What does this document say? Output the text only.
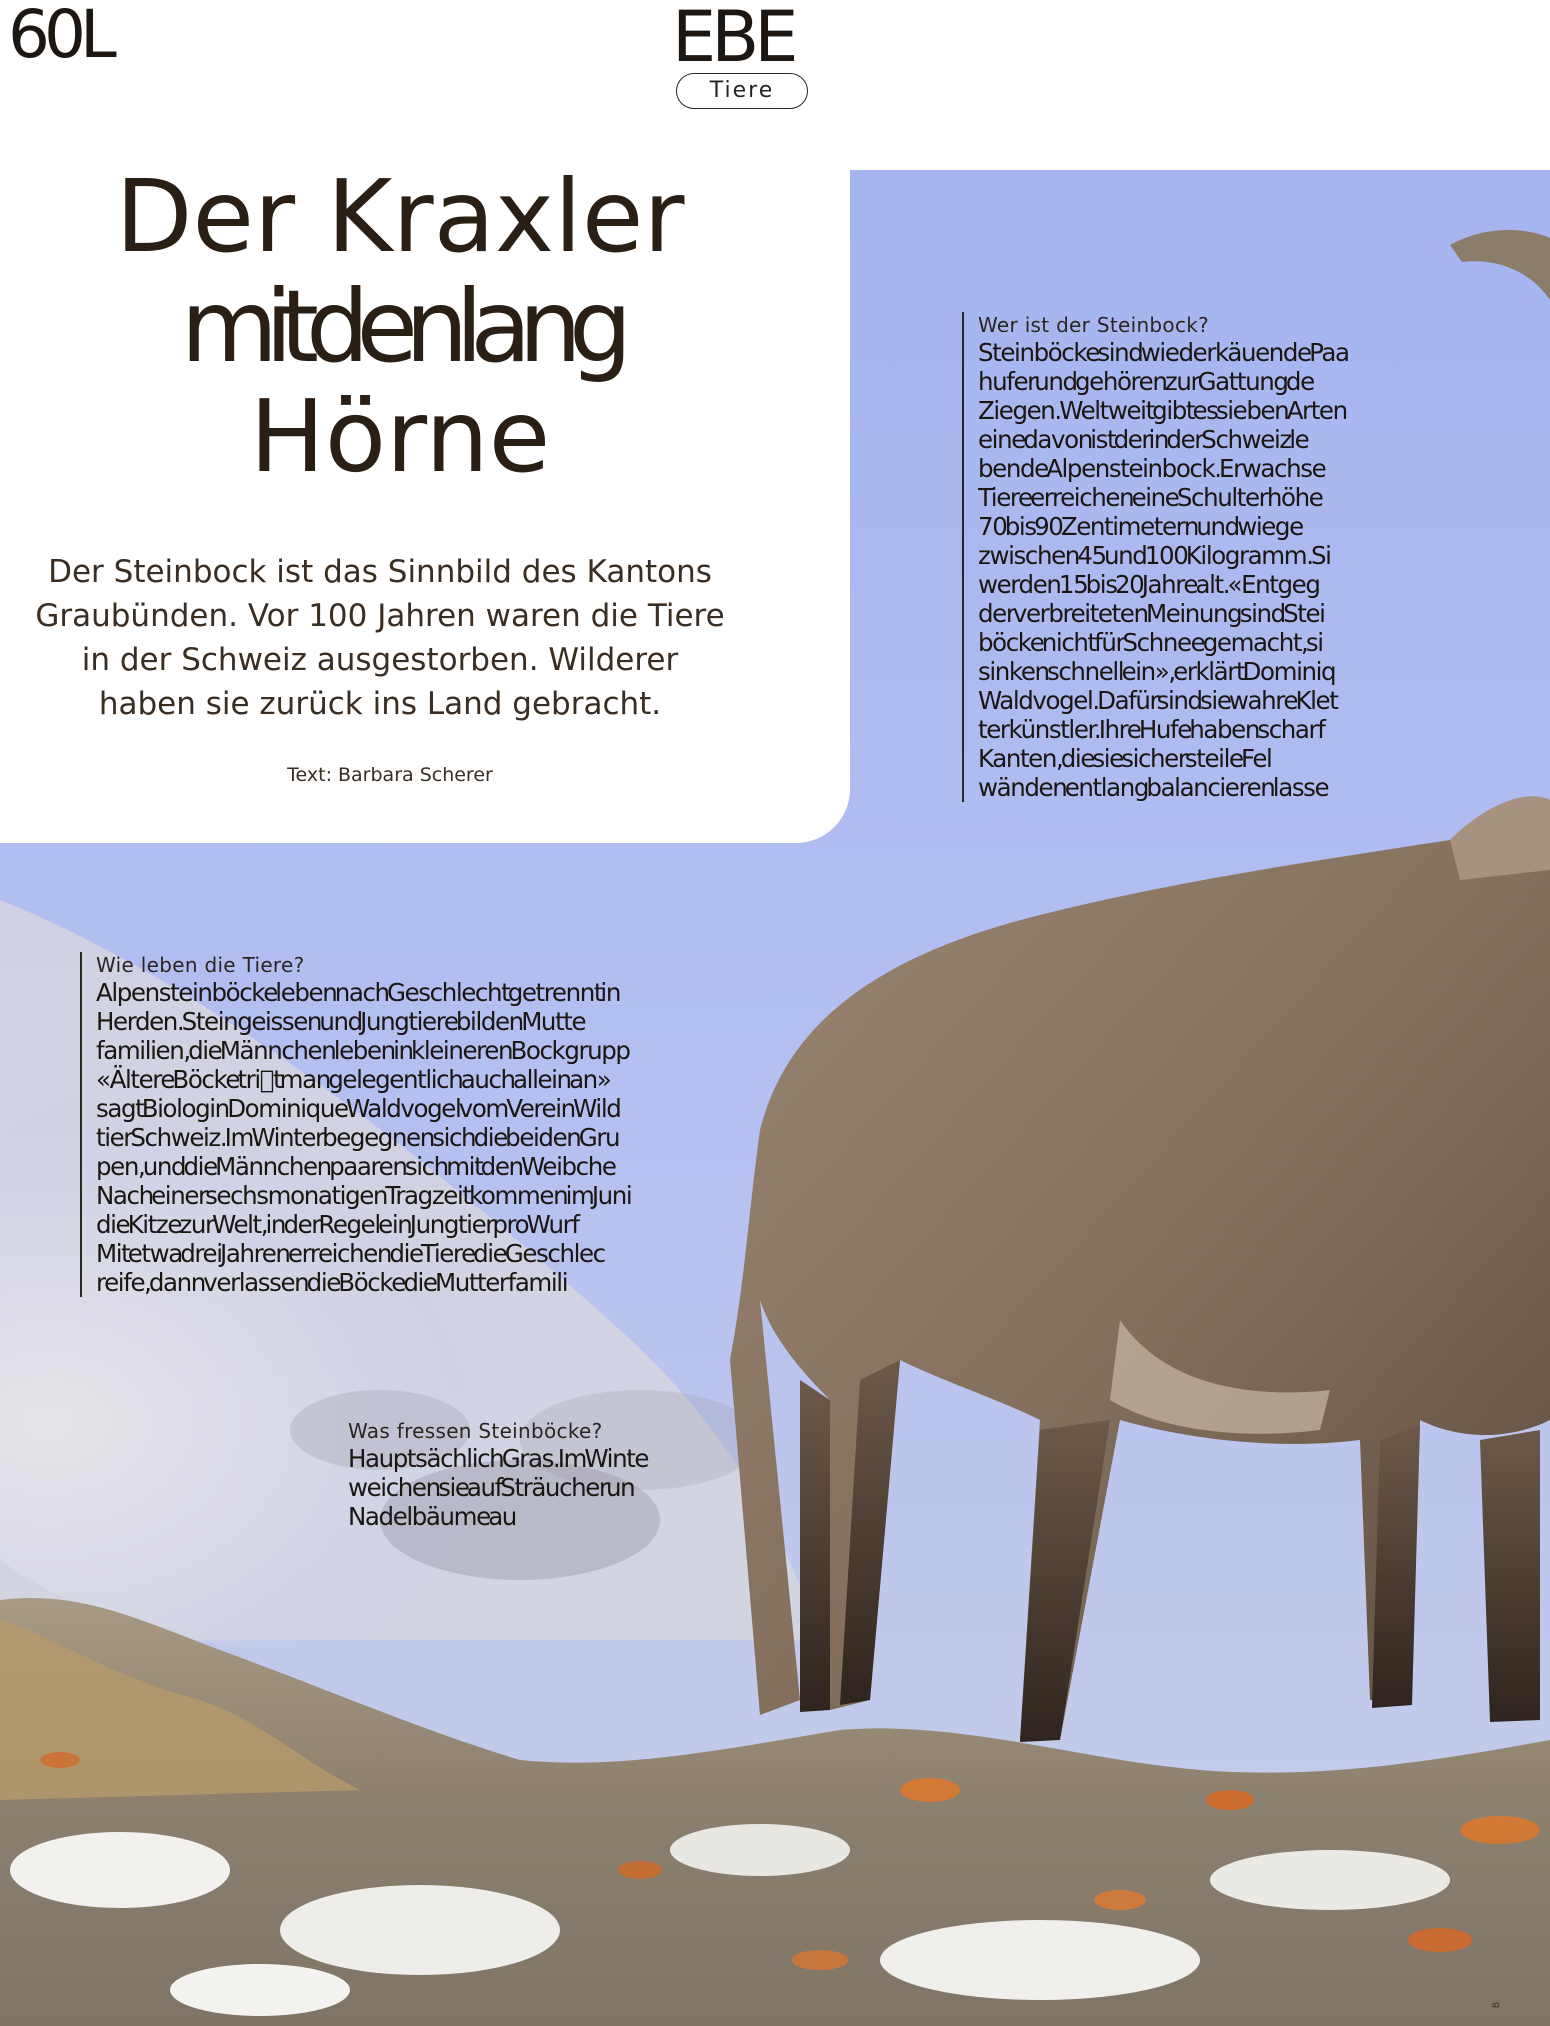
60L	EBE
Tiere
Der Kraxler
mitdenlang
Hörne

Der Steinbock ist das Sinnbild des Kantons Graubünden. Vor 100 Jahren waren die Tiere in der Schweiz ausgestorben. Wilderer haben sie zurück ins Land gebracht.

Text: Barbara Scherer
Wer ist der Steinbock?
Steinböcke sind wiederkäuende Paa
hufer und gehören zur Gattung de
Ziegen. Weltweit gibt es sieben Arten
eine davon ist der in der Schweiz le
bende Alpensteinbock. Erwachse
Tiere erreichen eine Schulterhöhe
70 bis 90 Zentimetern und wiege
zwischen 45 und 100 Kilogramm. Si
werden 15 bis 20 Jahre alt. «Entgeg
der verbreiteten Meinung sind Stei
böcke nicht für Schnee gemacht, si
sinken schnell ein», erklärt Dominiq
Waldvogel. Dafür sind sie wahre Klet
terkünstler. Ihre Hufe haben scharf
Kanten, die sie sicher steile Fel
wänden entlang balancieren lasse
Wie leben die Tiere?
Alpensteinböcke leben nach Geschlecht getrennt in
Herden. Steingeissen und Jungtiere bilden Mutte
familien, die Männchen leben in kleineren Bockgrupp
«Ältere Böcke tri t man gelegentlich auch allein an»
sagt Biologin Dominique Waldvogel vom Verein Wild
tier Schweiz. Im Winter begegnen sich die beiden Gru
pen, und die Männchen paaren sich mit den Weibche
Nach einer sechsmonatigen Tragzeit kommen im Juni
die Kitze zur Welt, in der Regel ein Jungtier pro Wurf
Mit etwa drei Jahren erreichen die Tiere die Geschlec
reife, dann verlassen die Böcke die Mutterfamili
Was fressen Steinböcke?
Hauptsächlich Gras. Im Winte
weichen sie auf Sträucher un
Nadelbäume au
B
